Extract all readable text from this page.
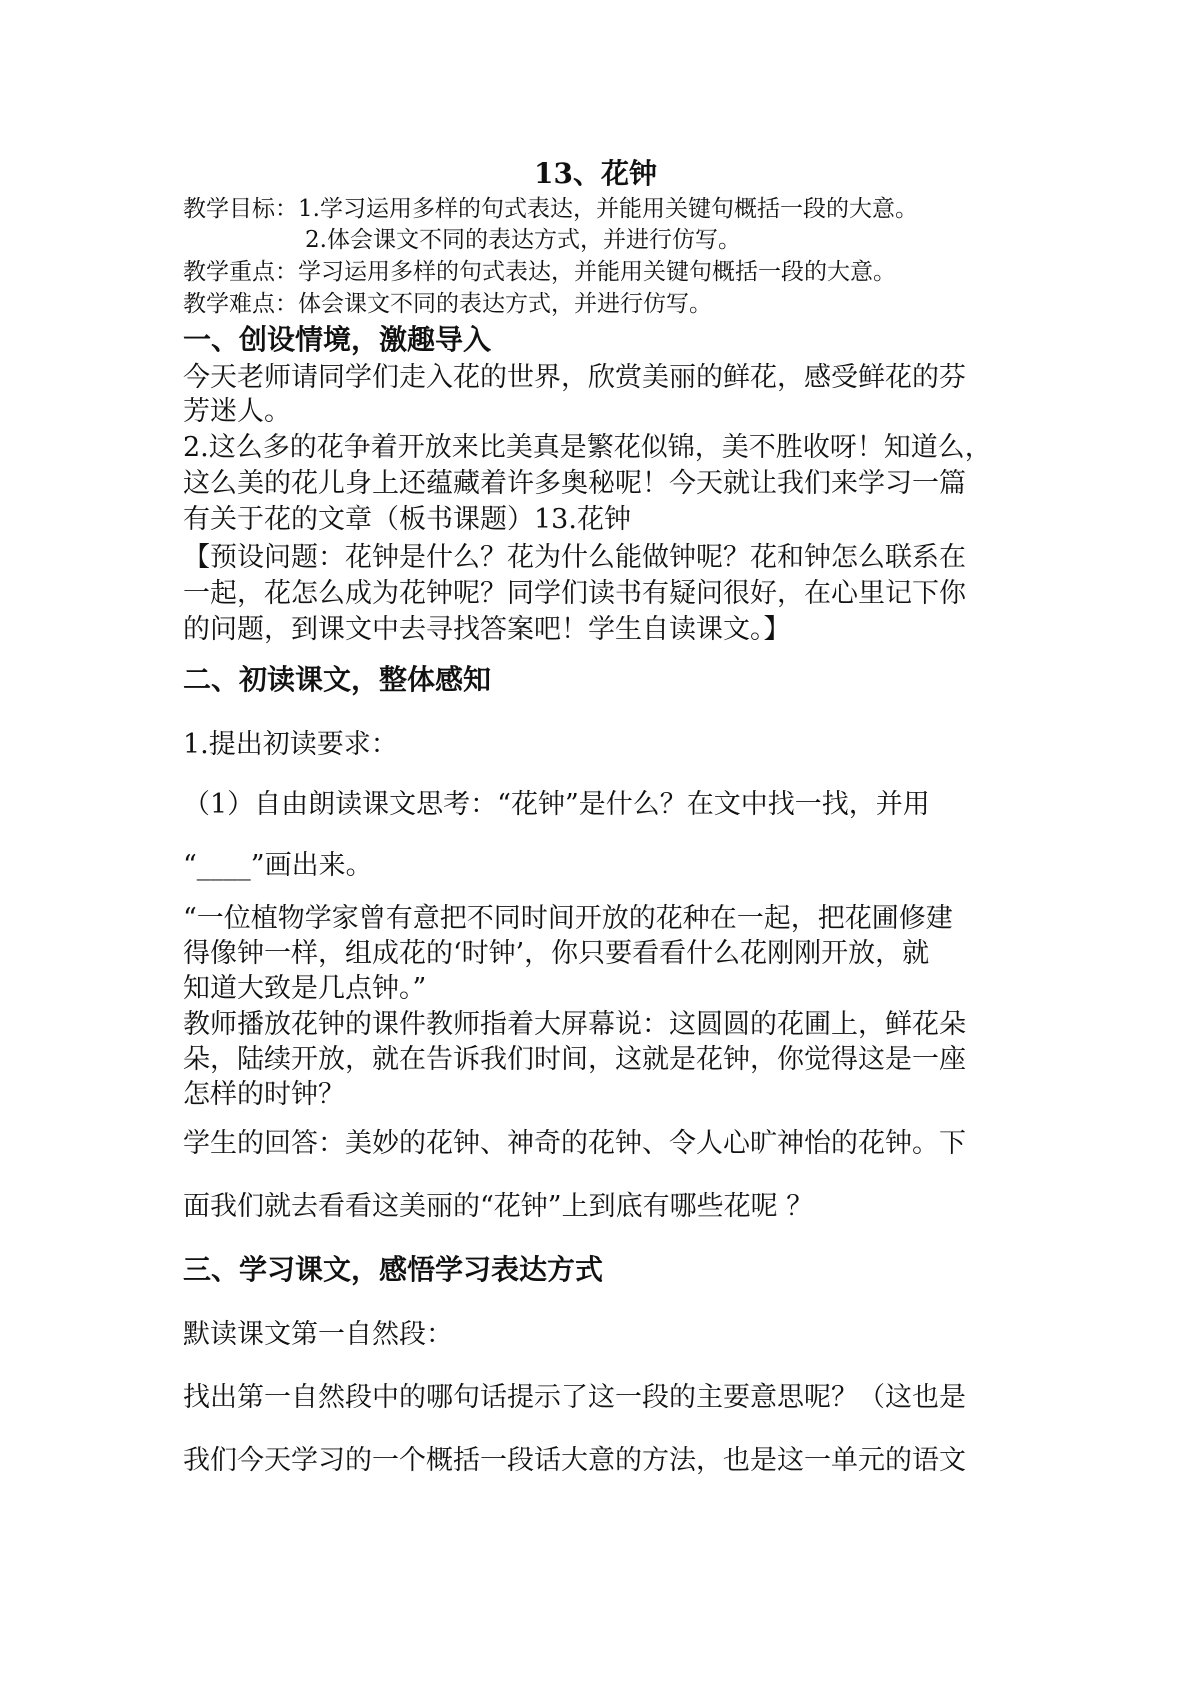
13、花钟
教学目标：1.学习运用多样的句式表达，并能用关键句概括一段的大意。
2.体会课文不同的表达方式，并进行仿写。
教学重点：学习运用多样的句式表达，并能用关键句概括一段的大意。
教学难点：体会课文不同的表达方式，并进行仿写。
一、创设情境，激趣导入
今天老师请同学们走入花的世界，欣赏美丽的鲜花，感受鲜花的芬
芳迷人。
2.这么多的花争着开放来比美真是繁花似锦，美不胜收呀！知道么，
这么美的花儿身上还蕴藏着许多奥秘呢！今天就让我们来学习一篇
有关于花的文章（板书课题）13.花钟
【预设问题：花钟是什么？花为什么能做钟呢？花和钟怎么联系在
一起，花怎么成为花钟呢？同学们读书有疑问很好，在心里记下你
的问题，到课文中去寻找答案吧！学生自读课文。】
二、初读课文，整体感知
1.提出初读要求：
（1）自由朗读课文思考：“花钟”是什么？在文中找一找，并用
“____”画出来。
“一位植物学家曾有意把不同时间开放的花种在一起，把花圃修建
得像钟一样，组成花的‘时钟’，你只要看看什么花刚刚开放，就
知道大致是几点钟。”
教师播放花钟的课件教师指着大屏幕说：这圆圆的花圃上，鲜花朵
朵，陆续开放，就在告诉我们时间，这就是花钟，你觉得这是一座
怎样的时钟？
学生的回答：美妙的花钟、神奇的花钟、令人心旷神怡的花钟。下
面我们就去看看这美丽的“花钟”上到底有哪些花呢 ？
三、学习课文，感悟学习表达方式
默读课文第一自然段：
找出第一自然段中的哪句话提示了这一段的主要意思呢？（这也是
我们今天学习的一个概括一段话大意的方法，也是这一单元的语文
